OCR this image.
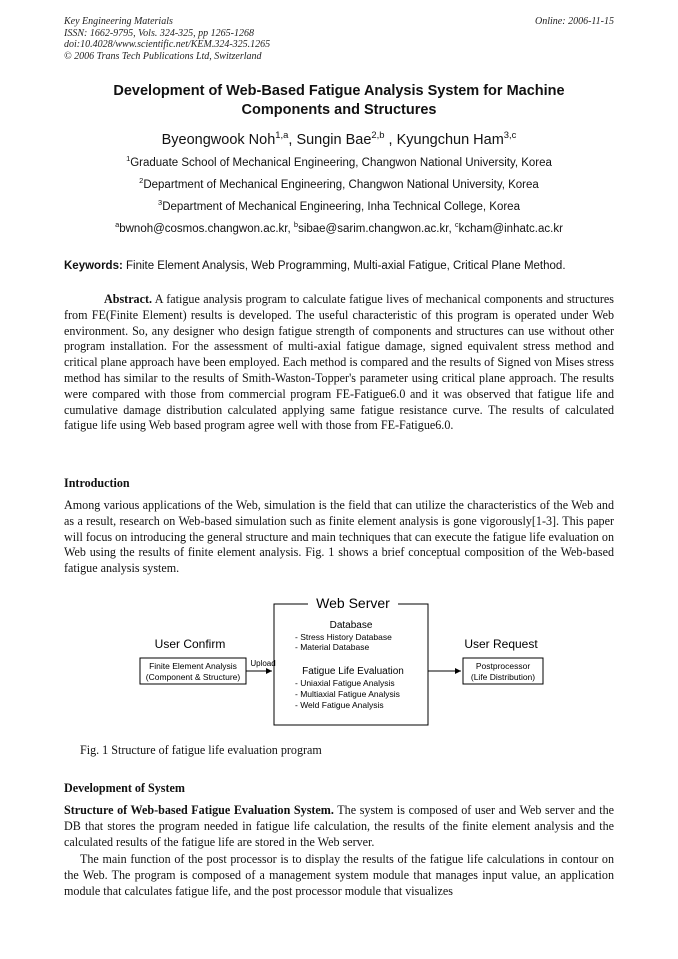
Key Engineering Materials
ISSN: 1662-9795, Vols. 324-325, pp 1265-1268
doi:10.4028/www.scientific.net/KEM.324-325.1265
© 2006 Trans Tech Publications Ltd, Switzerland
Online: 2006-11-15
Development of Web-Based Fatigue Analysis System for Machine
Components and Structures
Byeongwook Noh$^{1,a}$, Sungin Bae$^{2,b}$ , Kyungchun Ham$^{3,c}$
$^1$Graduate School of Mechanical Engineering, Changwon National University, Korea
$^2$Department of Mechanical Engineering, Changwon National University, Korea
$^3$Department of Mechanical Engineering, Inha Technical College, Korea
$^a$bwnoh@cosmos.changwon.ac.kr, $^b$sibae@sarim.changwon.ac.kr, $^c$kcham@inhatc.ac.kr
Keywords: Finite Element Analysis, Web Programming, Multi-axial Fatigue, Critical Plane Method.

Abstract. A fatigue analysis program to calculate fatigue lives of mechanical components and structures from FE(Finite Element) results is developed. The useful characteristic of this program is operated under Web environment. So, any designer who design fatigue strength of components and structures can use without other program installation. For the assessment of multi-axial fatigue damage, signed equivalent stress method and critical plane approach have been employed. Each method is compared and the results of Signed von Mises stress method has similar to the results of Smith-Waston-Topper's parameter using critical plane approach. The results were compared with those from commercial program FE-Fatigue6.0 and it was observed that fatigue life and cumulative damage distribution calculated applying same fatigue resistance curve. The results of calculated fatigue life using Web based program agree well with those from FE-Fatigue6.0.

Introduction

Among various applications of the Web, simulation is the field that can utilize the characteristics of the Web and as a result, research on Web-based simulation such as finite element analysis is gone vigorously[1-3]. This paper will focus on introducing the general structure and main techniques that can execute the fatigue life evaluation on Web using the results of finite element analysis. Fig. 1 shows a brief conceptual composition of the Web-based fatigue analysis system.

Web Server
Database
- Stress History Database
- Material Database
Fatigue Life Evaluation
- Uniaxial Fatigue Analysis
- Multiaxial Fatigue Analysis
- Weld Fatigue Analysis
User Confirm
Finite Element Analysis
(Component & Structure)
Upload
User Request
Postprocessor
(Life Distribution)
Fig. 1 Structure of fatigue life evaluation program
Development of System

Structure of Web-based Fatigue Evaluation System. The system is composed of user and Web server and the DB that stores the program needed in fatigue life calculation, the results of the finite element analysis and the calculated results of the fatigue life are stored in the Web server.

The main function of the post processor is to display the results of the fatigue life calculations in contour on the Web. The program is composed of a management system module that manages input value, an application module that calculates fatigue life, and the post processor module that visualizes
